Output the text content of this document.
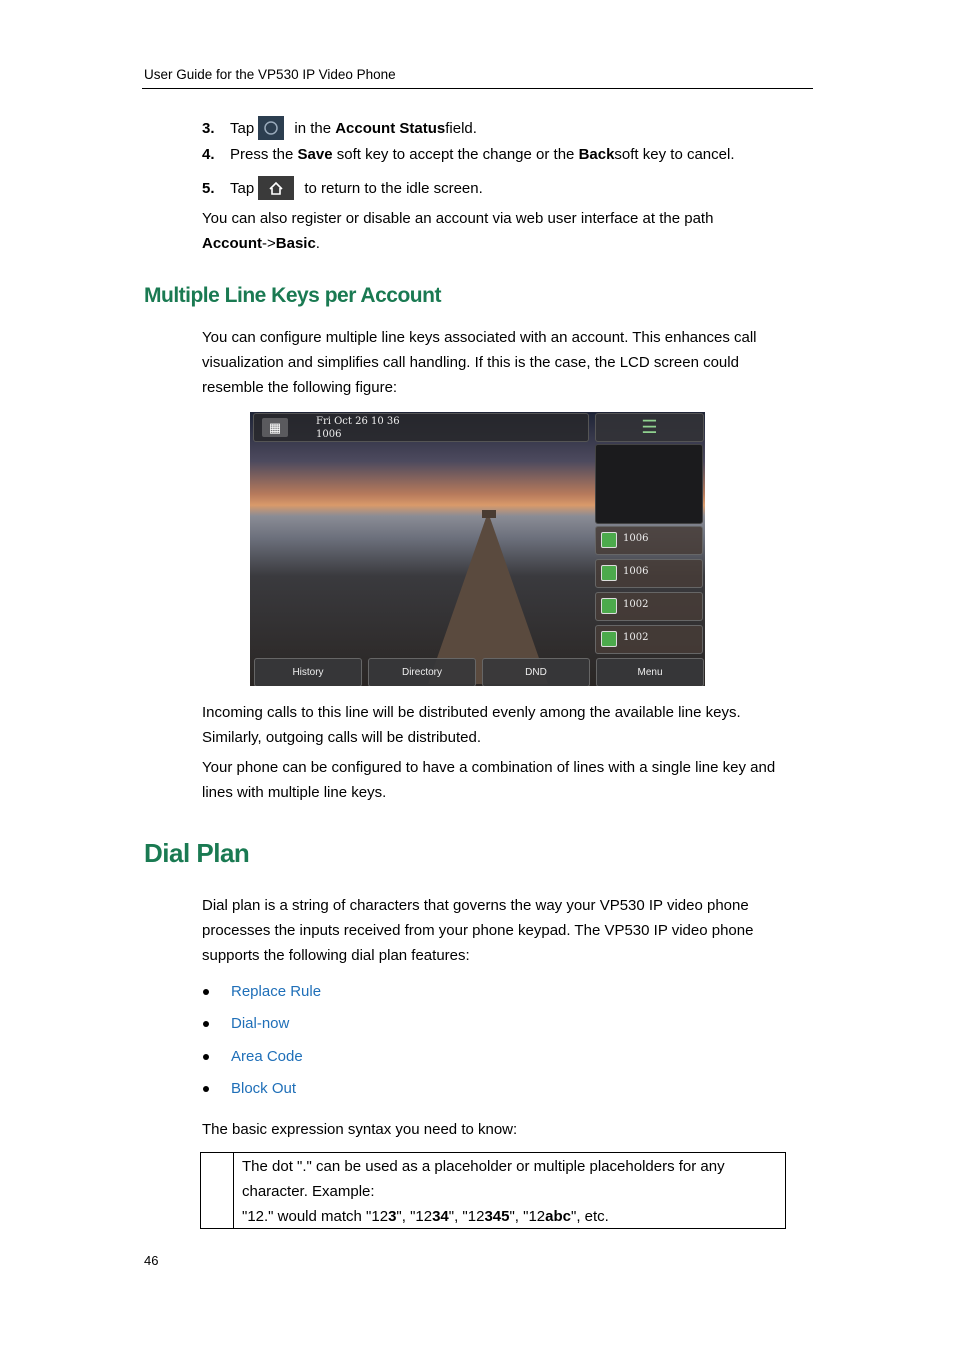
User Guide for the VP530 IP Video Phone
3.	Tap in the Account Status field.
4.	Press the Save soft key to accept the change or the Back soft key to cancel.
5.	Tap	to return to the idle screen.
You can also register or disable an account via web user interface at the path
Account->Basic.
Multiple Line Keys per Account
You can configure multiple line keys associated with an account. This enhances call
visualization and simplifies call handling. If this is the case, the LCD screen could
resemble the following figure:
▦	Fri Oct 26 10 36
1006	☰
1006
1006
1002
1002
History	Directory	DND	Menu
Incoming calls to this line will be distributed evenly among the available line keys.
Similarly, outgoing calls will be distributed.
Your phone can be configured to have a combination of lines with a single line key and
lines with multiple line keys.
Dial Plan
Dial plan is a string of characters that governs the way your VP530 IP video phone
processes the inputs received from your phone keypad. The VP530 IP video phone
supports the following dial plan features:
Replace Rule
Dial-now
Area Code
Block Out
The basic expression syntax you need to know:
The dot "." can be used as a placeholder or multiple placeholders for any
character. Example:
"12." would match "123", "1234", "12345", "12abc", etc.
46
